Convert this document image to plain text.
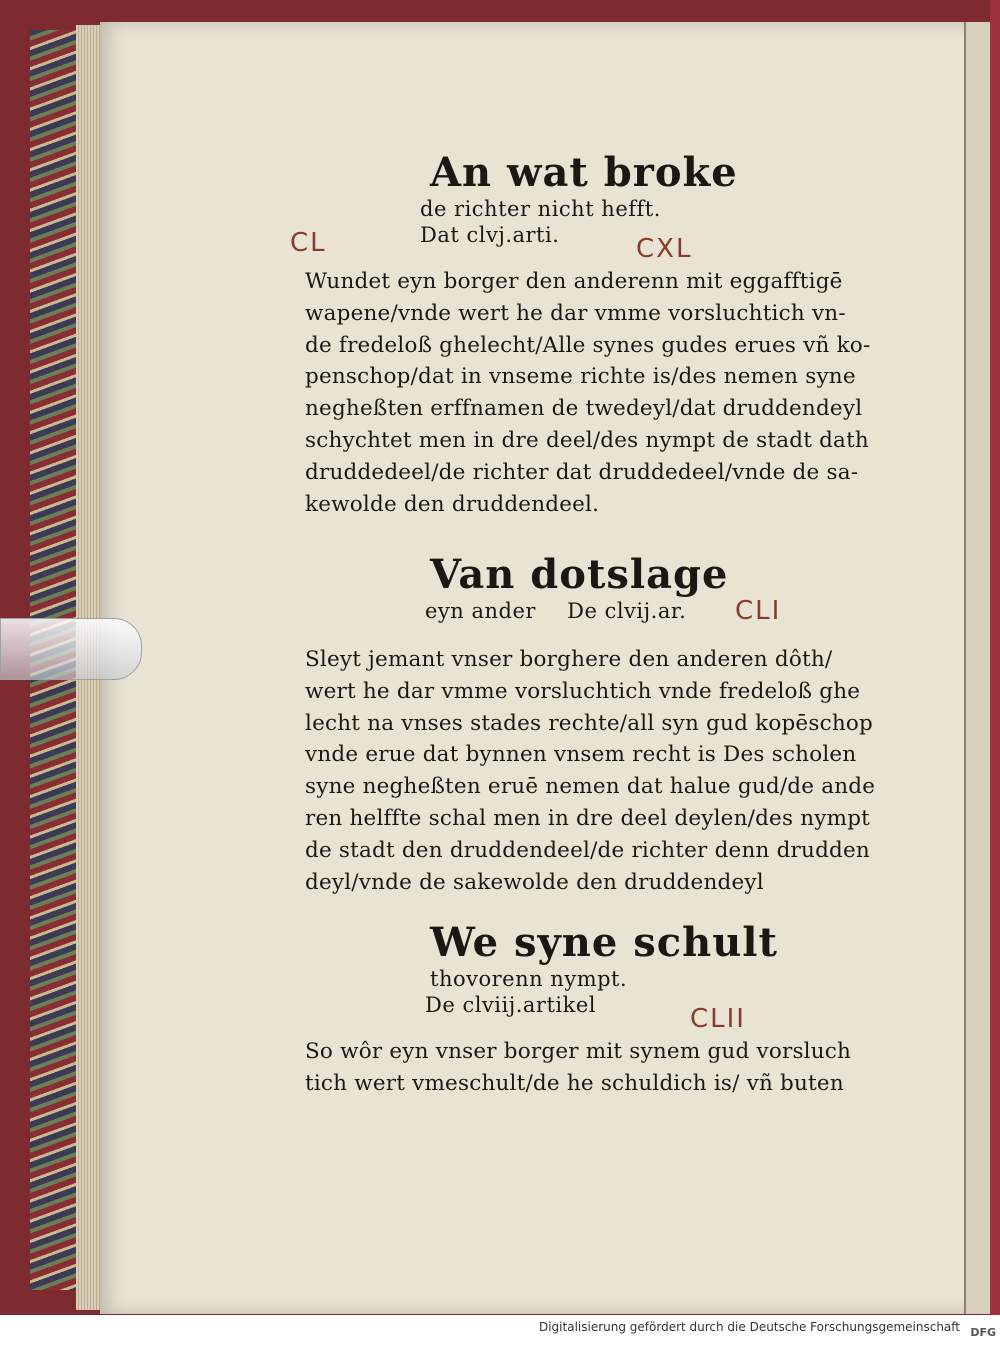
An wat broke
de richter nicht hefft.
Dat clvj.arti.
Wundet eyn borger den anderenn mit eggafftigē
wapene/vnde wert he dar vmme vorsluchtich vn-
de fredeloß ghelecht/Alle synes gudes erues vñ ko-
penschop/dat in vnseme richte is/des nemen syne
negheßten erffnamen de twedeyl/dat druddendeyl
schychtet men in dre deel/des nympt de stadt dath
druddedeel/de richter dat druddedeel/vnde de sa-
kewolde den druddendeel.
CL	CXL
Van dotslage
eyn ander De clvij.ar.
Sleyt jemant vnser borghere den anderen dôth/
wert he dar vmme vorsluchtich vnde fredeloß ghe
lecht na vnses stades rechte/all syn gud kopēschop
vnde erue dat bynnen vnsem recht is Des scholen
syne negheßten eruē nemen dat halue gud/de ande
ren helffte schal men in dre deel deylen/des nympt
de stadt den druddendeel/de richter denn drudden
deyl/vnde de sakewolde den druddendeyl
CLI
We syne schult
thovorenn nympt.
De clviij.artikel
So wôr eyn vnser borger mit synem gud vorsluch
tich wert vmeschult/de he schuldich is/ vñ buten
CLII
Digitalisierung gefördert durch die Deutsche Forschungsgemeinschaft DFG
